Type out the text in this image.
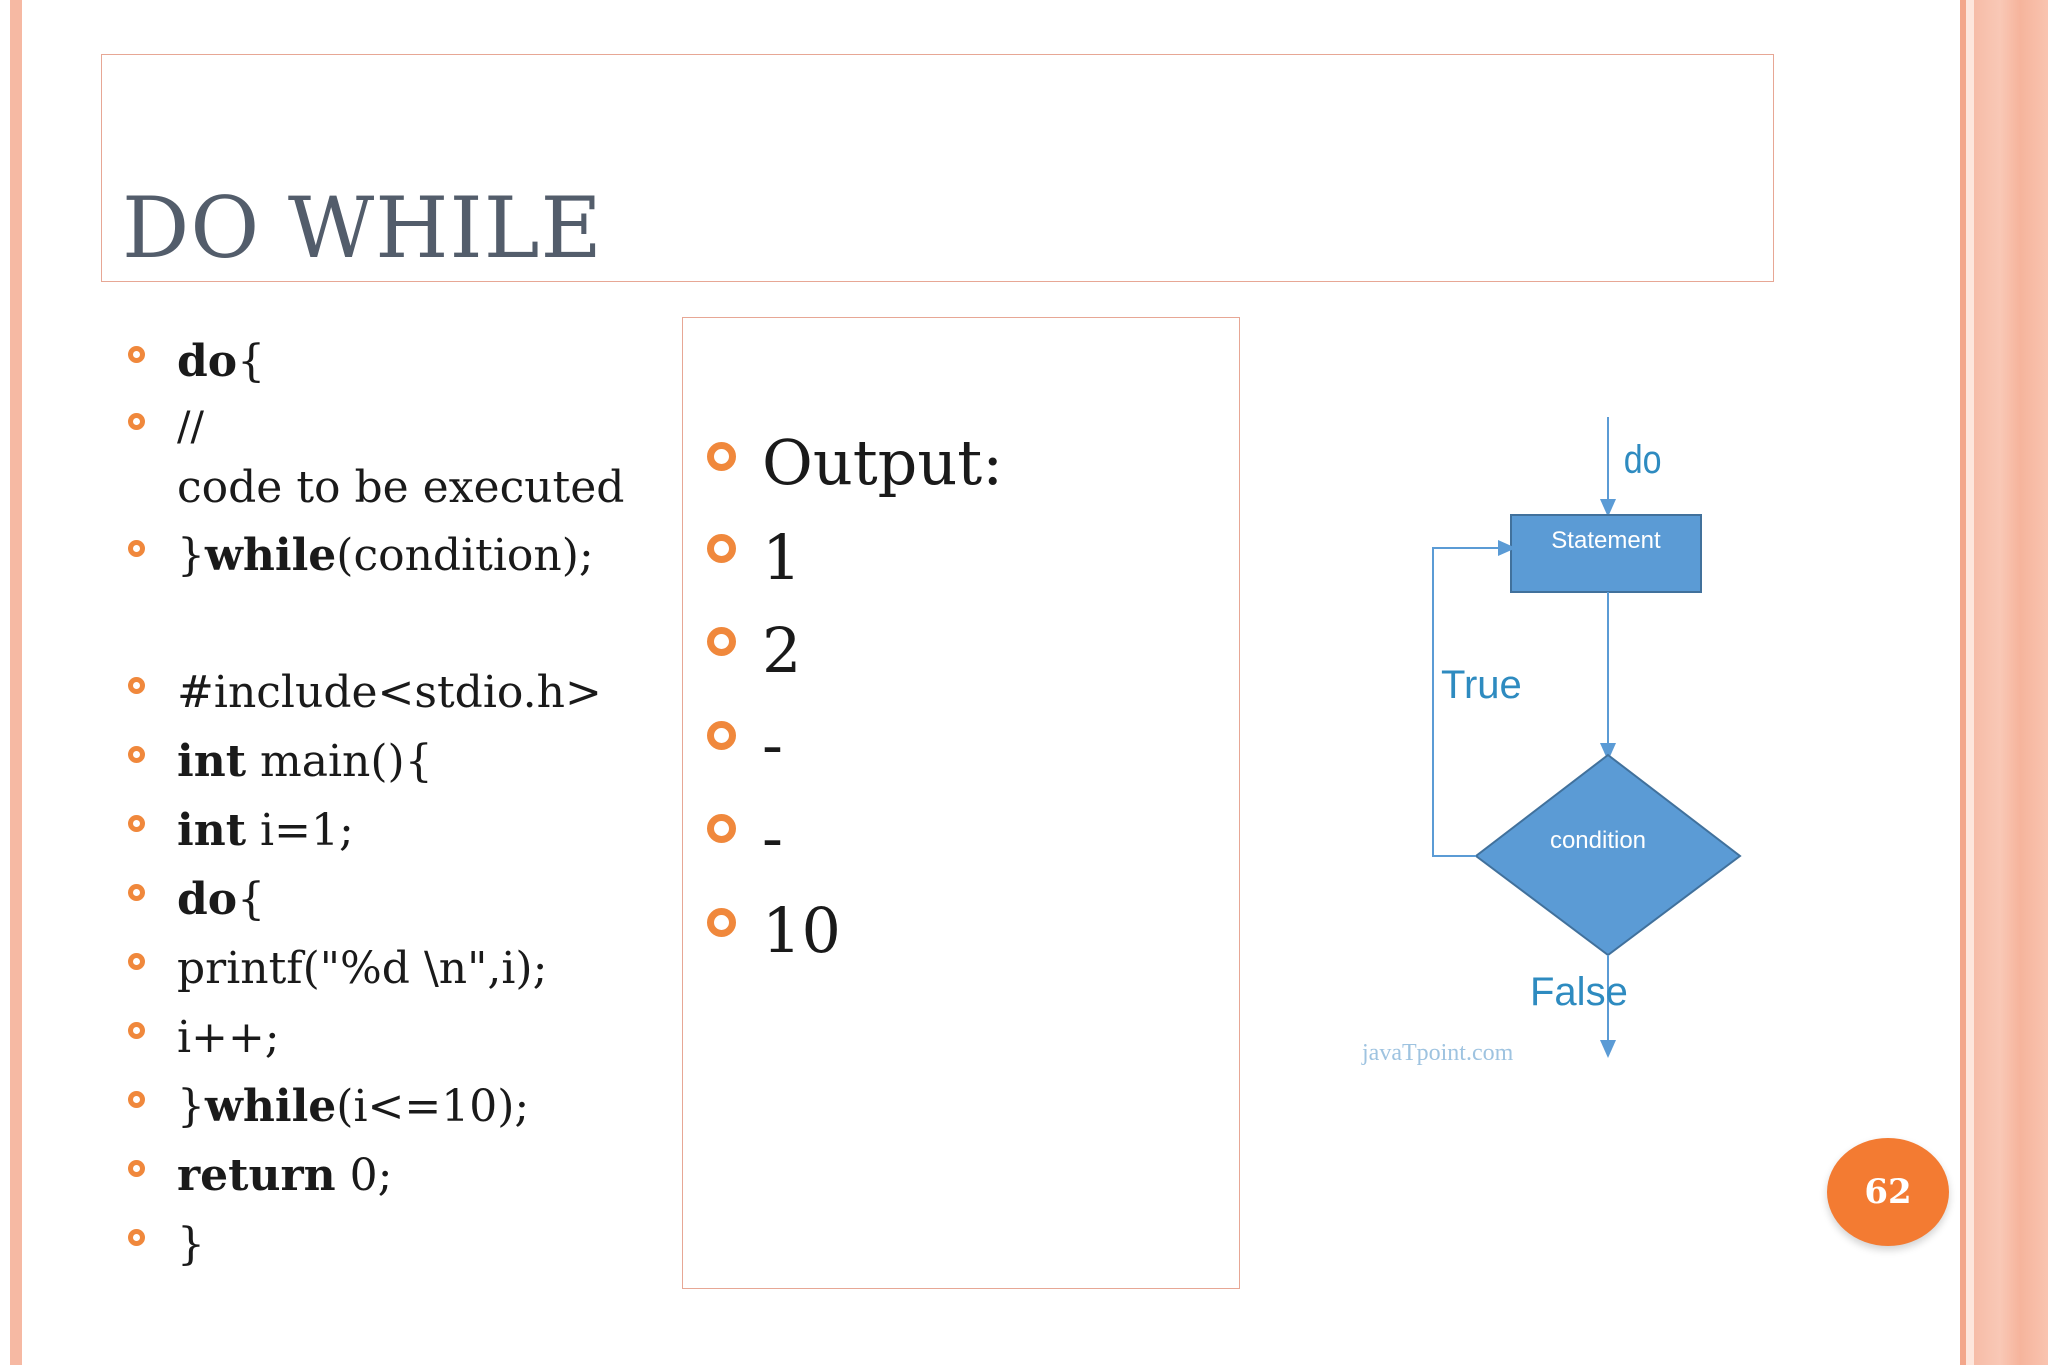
DO WHILE
do{
//
code to be executed
}while(condition);
#include<stdio.h>
int main(){
int i=1;
do{
printf("%d \n",i);
i++;
}while(i<=10);
return 0;
}
Output:
1
2
-
-
10
do
Statement
condition
True
False
javaTpoint.com
62
